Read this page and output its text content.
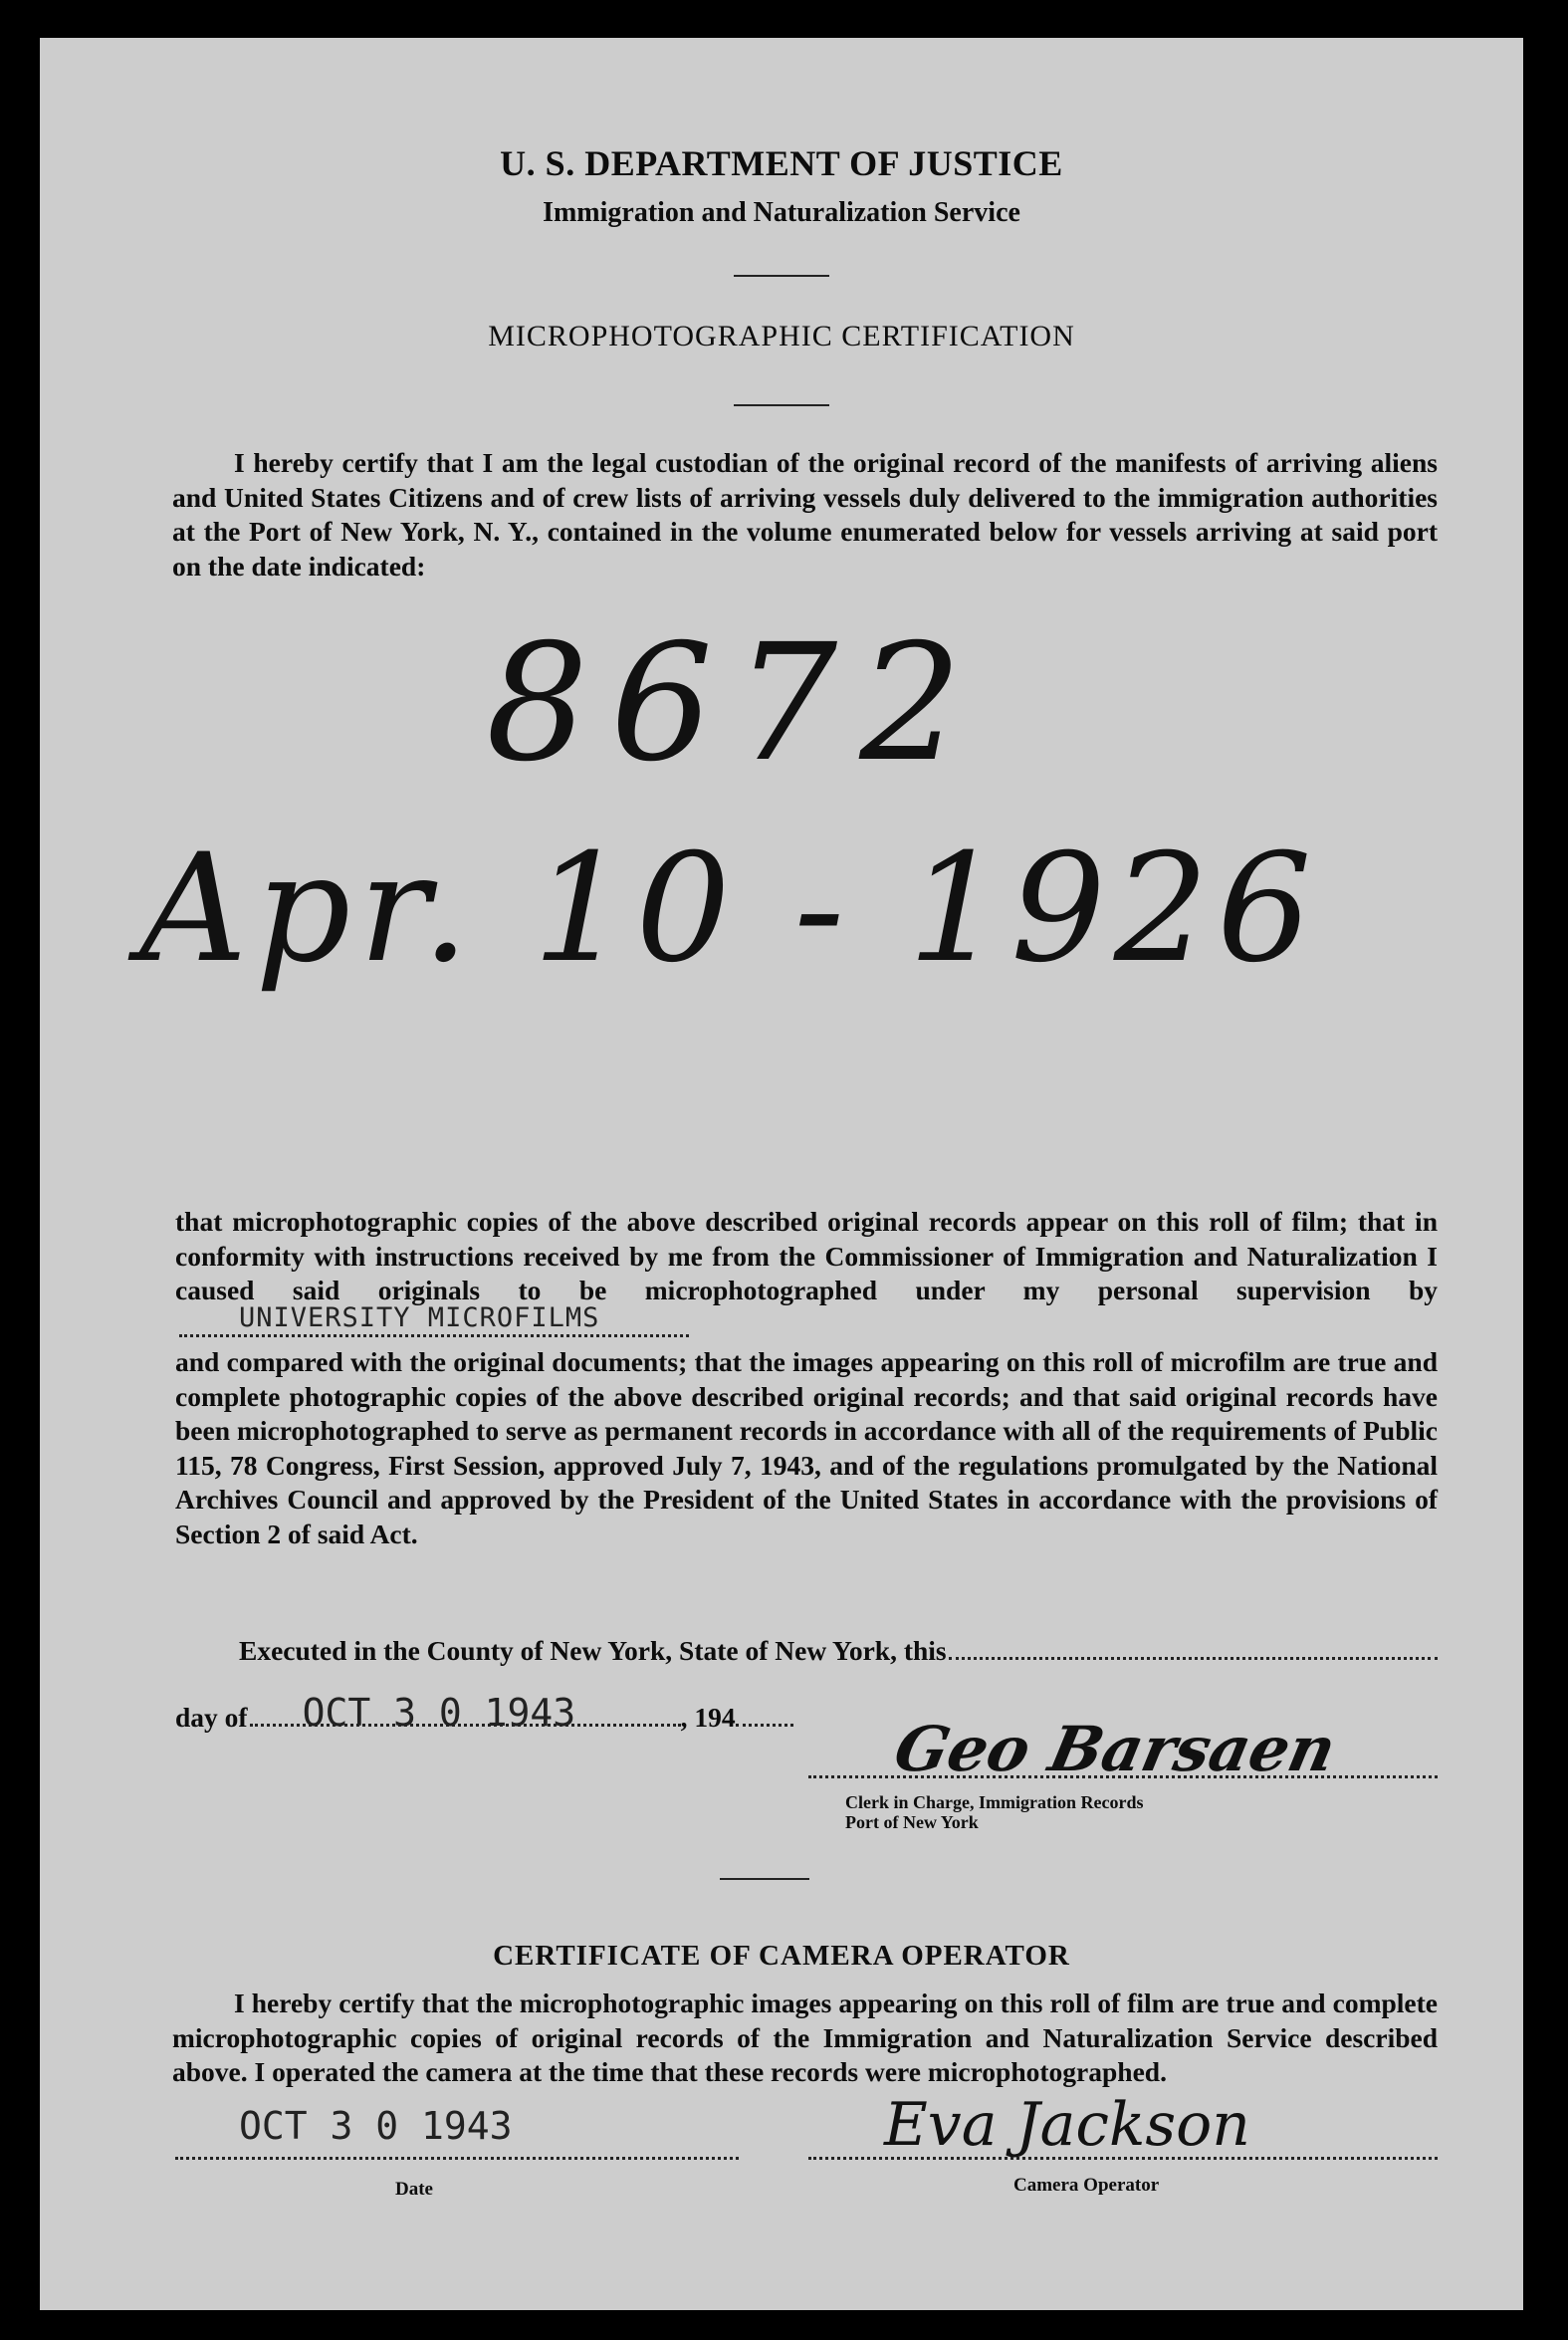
U. S. DEPARTMENT OF JUSTICE
Immigration and Naturalization Service
MICROPHOTOGRAPHIC CERTIFICATION

I hereby certify that I am the legal custodian of the original record of the manifests of arriving aliens and United States Citizens and of crew lists of arriving vessels duly delivered to the immigration authorities at the Port of New York, N. Y., contained in the volume enumerated below for vessels arriving at said port on the date indicated:

8672
Apr. 10 - 1926

that microphotographic copies of the above described original records appear on this roll of film; that in conformity with instructions received by me from the Commissioner of Immigration and Naturalization I caused said originals to be microphotographed under my personal supervision by
UNIVERSITY MICROFILMS

and compared with the original documents; that the images appearing on this roll of microfilm are true and complete photographic copies of the above described original records; and that said original records have been microphotographed to serve as permanent records in accordance with all of the requirements of Public 115, 78 Congress, First Session, approved July 7, 1943, and of the regulations promulgated by the National Archives Council and approved by the President of the United States in accordance with the provisions of Section 2 of said Act.

Executed in the County of New York, State of New York, this
day of OCT 3 0 1943	, 194 Geo Barsaen
Clerk in Charge, Immigration Records
Port of New York
CERTIFICATE OF CAMERA OPERATOR

I hereby certify that the microphotographic images appearing on this roll of film are true and complete microphotographic copies of original records of the Immigration and Naturalization Service described above. I operated the camera at the time that these records were microphotographed.

OCT 3 0 1943
Date
Eva Jackson
Camera Operator
